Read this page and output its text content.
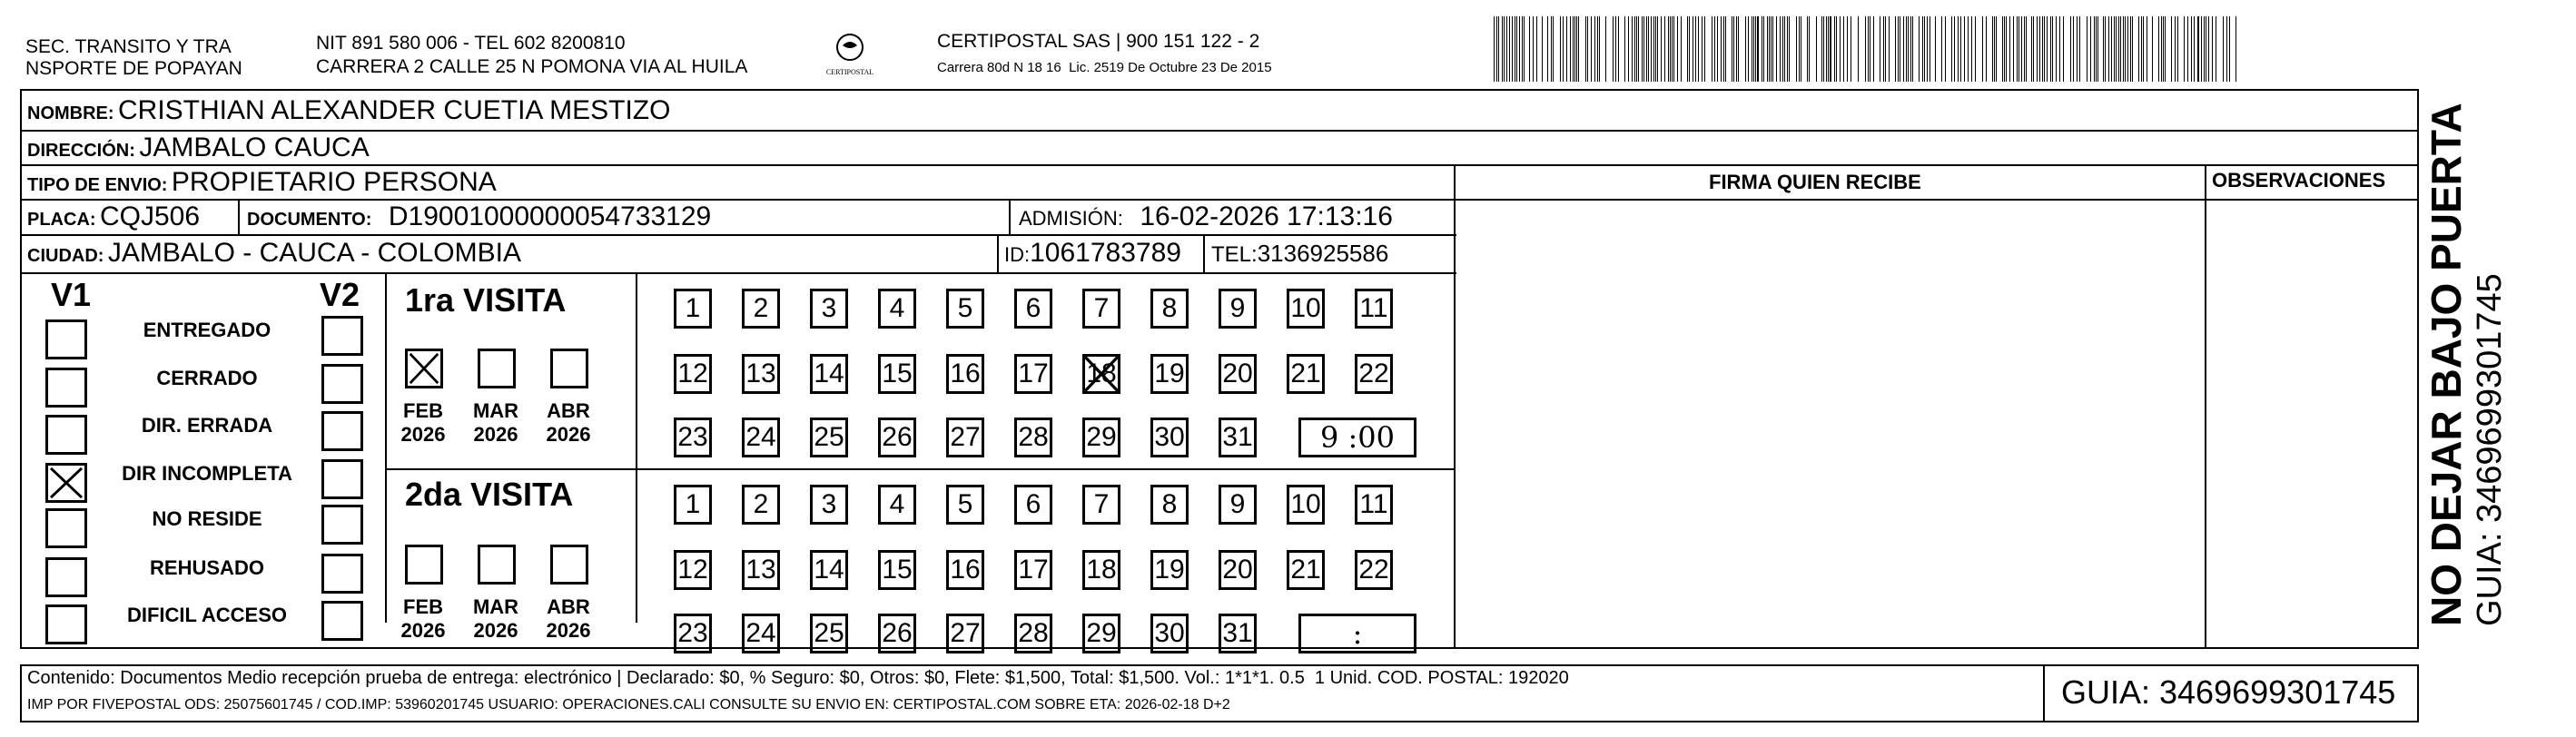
SEC. TRANSITO Y TRA
NSPORTE DE POPAYAN
NIT 891 580 006 - TEL 602 8200810
CARRERA 2 CALLE 25 N POMONA VIA AL HUILA	CERTIPOSTAL
CERTIPOSTAL SAS | 900 151 122 - 2
Carrera 80d N 18 16  Lic. 2519 De Octubre 23 De 2015
NOMBRE: CRISTHIAN ALEXANDER CUETIA MESTIZO
DIRECCIÓN: JAMBALO CAUCA
TIPO DE ENVIO: PROPIETARIO PERSONA	FIRMA QUIEN RECIBE	OBSERVACIONES
PLACA: CQJ506	DOCUMENTO: D19001000000054733129	ADMISIÓN: 16-02-2026 17:13:16
CIUDAD: JAMBALO - CAUCA - COLOMBIA	ID:1061783789 TEL:3136925586
V1	V2
ENTREGADO
CERRADO
DIR. ERRADA
DIR INCOMPLETA
NO RESIDE
REHUSADO
DIFICIL ACCESO
1ra VISITA
2da VISITA
FEB
2026
MAR
2026
ABR
2026
1	2	3	4	5	6	7	8	9	10 11
12 13 14 15 16 17 18 19 20 21 22
23 24 25 26 27 28 29 30 31	9 :00
FEB
2026
MAR
2026
ABR
2026
1	2	3	4	5	6	7	8	9	10 11
12 13 14 15 16 17 18 19 20 21 22
23 24 25 26 27 28 29 30 31	:
Contenido: Documentos Medio recepción prueba de entrega: electrónico | Declarado: $0, % Seguro: $0, Otros: $0, Flete: $1,500, Total: $1,500. Vol.: 1*1*1. 0.5  1 Unid. COD. POSTAL: 192020
IMP POR FIVEPOSTAL ODS: 25075601745 / COD.IMP: 53960201745 USUARIO: OPERACIONES.CALI CONSULTE SU ENVIO EN: CERTIPOSTAL.COM SOBRE ETA: 2026-02-18 D+2	GUIA: 3469699301745
NO DEJAR BAJO PUERTA GUIA: 3469699301745
